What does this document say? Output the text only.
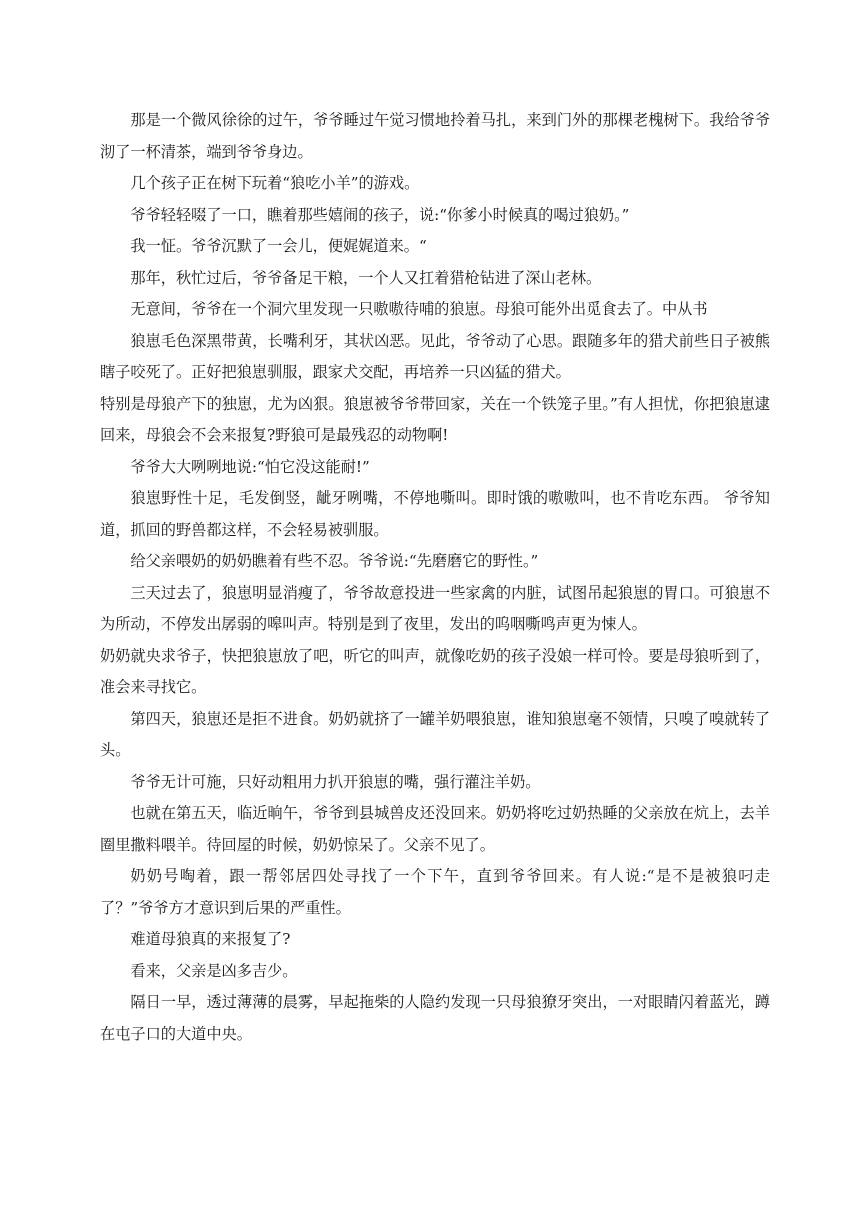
那是一个微风徐徐的过午，爷爷睡过午觉习惯地拎着马扎，来到门外的那棵老槐树下。我给爷爷沏了一杯清茶，端到爷爷身边。

几个孩子正在树下玩着“狼吃小羊”的游戏。

爷爷轻轻啜了一口，瞧着那些嬉闹的孩子，说:“你爹小时候真的喝过狼奶。”

我一怔。爷爷沉默了一会儿，便娓娓道来。“

那年，秋忙过后，爷爷备足干粮，一个人又扛着猎枪钻进了深山老林。

无意间，爷爷在一个洞穴里发现一只嗷嗷待哺的狼崽。母狼可能外出觅食去了。中从书

狼崽毛色深黑带黄，长嘴利牙，其状凶恶。见此，爷爷动了心思。跟随多年的猎犬前些日子被熊瞎子咬死了。正好把狼崽驯服，跟家犬交配，再培养一只凶猛的猎犬。

特别是母狼产下的独崽，尤为凶狠。狼崽被爷爷带回家，关在一个铁笼子里。”有人担忧，你把狼崽逮回来，母狼会不会来报复?野狼可是最残忍的动物啊!

爷爷大大咧咧地说:“怕它没这能耐!”

狼崽野性十足，毛发倒竖，龇牙咧嘴，不停地嘶叫。即时饿的嗷嗷叫，也不肯吃东西。 爷爷知道，抓回的野兽都这样，不会轻易被驯服。

给父亲喂奶的奶奶瞧着有些不忍。爷爷说:“先磨磨它的野性。”

三天过去了，狼崽明显消瘦了，爷爷故意投进一些家禽的内脏，试图吊起狼崽的胃口。可狼崽不为所动，不停发出孱弱的嗥叫声。特别是到了夜里，发出的呜咽嘶鸣声更为悚人。

奶奶就央求爷子，快把狼崽放了吧，听它的叫声，就像吃奶的孩子没娘一样可怜。要是母狼听到了，准会来寻找它。

第四天，狼崽还是拒不进食。奶奶就挤了一罐羊奶喂狼崽，谁知狼崽毫不领情，只嗅了嗅就转了头。

爷爷无计可施，只好动粗用力扒开狼崽的嘴，强行灌注羊奶。

也就在第五天，临近晌午，爷爷到县城兽皮还没回来。奶奶将吃过奶热睡的父亲放在炕上，去羊圈里撒料喂羊。待回屋的时候，奶奶惊呆了。父亲不见了。

奶奶号啕着，跟一帮邻居四处寻找了一个下午，直到爷爷回来。有人说:“是不是被狼叼走了？”爷爷方才意识到后果的严重性。

难道母狼真的来报复了?

看来，父亲是凶多吉少。

隔日一早，透过薄薄的晨雾，早起拖柴的人隐约发现一只母狼獠牙突出，一对眼睛闪着蓝光，蹲在屯子口的大道中央。
